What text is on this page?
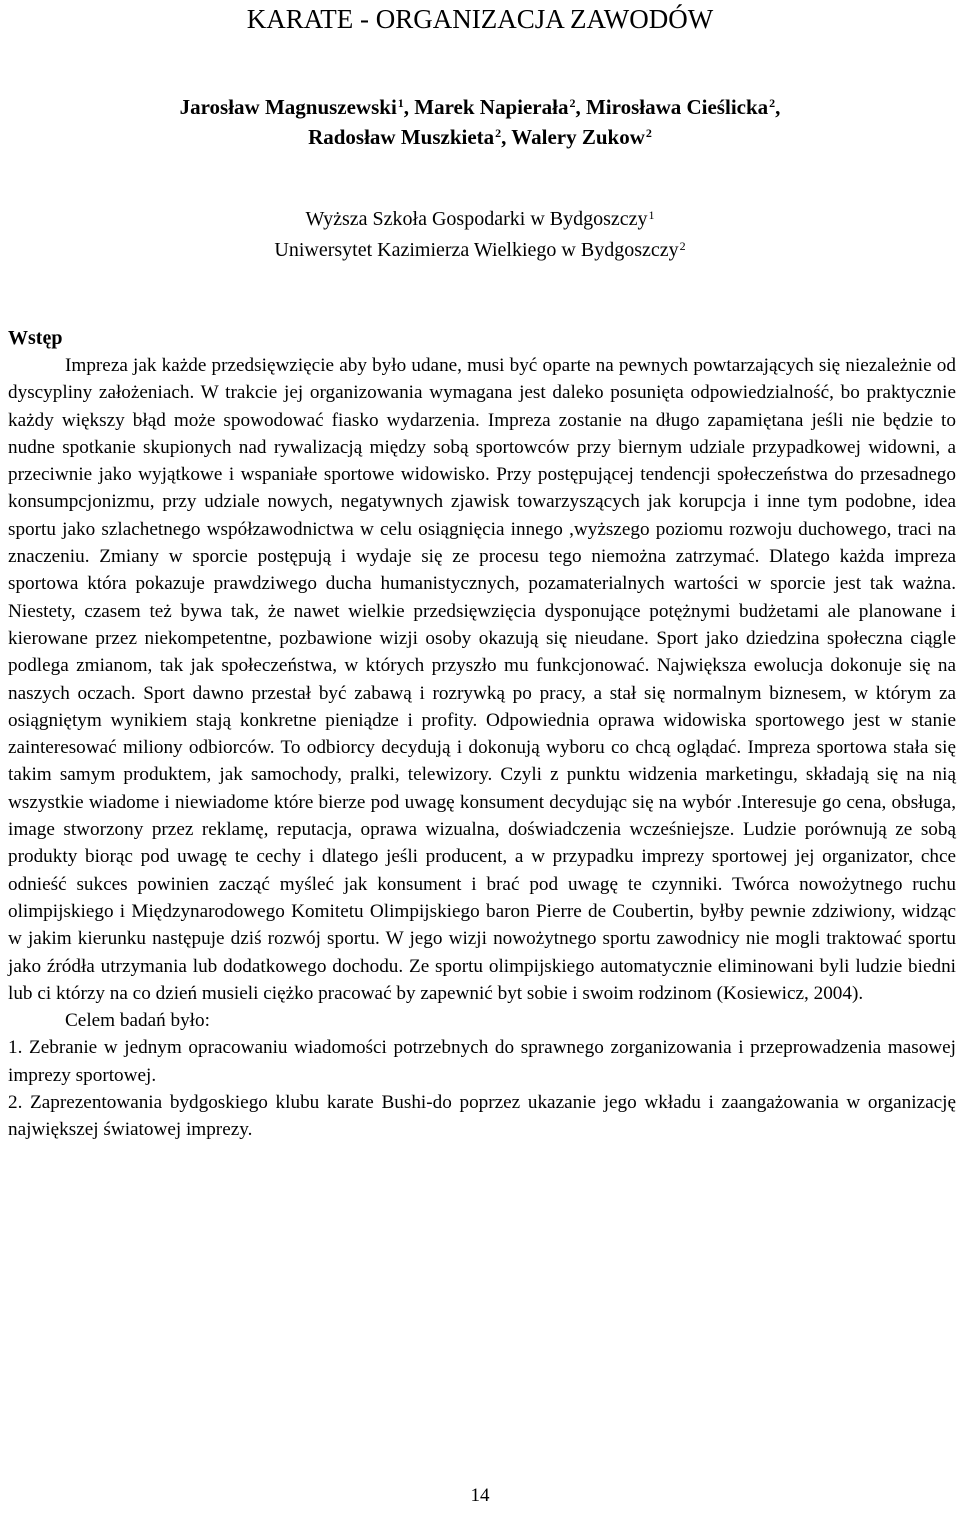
KARATE - ORGANIZACJA ZAWODÓW
Jarosław Magnuszewski$^1$, Marek Napierała$^2$, Mirosława Cieślicka$^2$,
Radosław Muszkieta$^2$, Walery Zukow$^2$
Wyższa Szkoła Gospodarki w Bydgoszczy$^1$
Uniwersytet Kazimierza Wielkiego w Bydgoszczy$^2$
Wstęp

Impreza jak każde przedsięwzięcie aby było udane, musi być oparte na pewnych powtarzających się niezależnie od dyscypliny założeniach. W trakcie jej organizowania wymagana jest daleko posunięta odpowiedzialność, bo praktycznie każdy większy błąd może spowodować fiasko wydarzenia. Impreza zostanie na długo zapamiętana jeśli nie będzie to nudne spotkanie skupionych nad rywalizacją między sobą sportowców przy biernym udziale przypadkowej widowni, a przeciwnie jako wyjątkowe i wspaniałe sportowe widowisko. Przy postępującej tendencji społeczeństwa do przesadnego konsumpcjonizmu, przy udziale nowych, negatywnych zjawisk towarzyszących jak korupcja i inne tym podobne, idea sportu jako szlachetnego współzawodnictwa w celu osiągnięcia innego ,wyższego poziomu rozwoju duchowego, traci na znaczeniu. Zmiany w sporcie postępują i wydaje się ze procesu tego niemożna zatrzymać. Dlatego każda impreza sportowa która pokazuje prawdziwego ducha humanistycznych, pozamaterialnych wartości w sporcie jest tak ważna. Niestety, czasem też bywa tak, że nawet wielkie przedsięwzięcia dysponujące potężnymi budżetami ale planowane i kierowane przez niekompetentne, pozbawione wizji osoby okazują się nieudane. Sport jako dziedzina społeczna ciągle podlega zmianom, tak jak społeczeństwa, w których przyszło mu funkcjonować. Największa ewolucja dokonuje się na naszych oczach. Sport dawno przestał być zabawą i rozrywką po pracy, a stał się normalnym biznesem, w którym za osiągniętym wynikiem stają konkretne pieniądze i profity. Odpowiednia oprawa widowiska sportowego jest w stanie zainteresować miliony odbiorców. To odbiorcy decydują i dokonują wyboru co chcą oglądać. Impreza sportowa stała się takim samym produktem, jak samochody, pralki, telewizory. Czyli z punktu widzenia marketingu, składają się na nią wszystkie wiadome i niewiadome które bierze pod uwagę konsument decydując się na wybór .Interesuje go cena, obsługa, image stworzony przez reklamę, reputacja, oprawa wizualna, doświadczenia wcześniejsze. Ludzie porównują ze sobą produkty biorąc pod uwagę te cechy i dlatego jeśli producent, a w przypadku imprezy sportowej jej organizator, chce odnieść sukces powinien zacząć myśleć jak konsument i brać pod uwagę te czynniki. Twórca nowożytnego ruchu olimpijskiego i Międzynarodowego Komitetu Olimpijskiego baron Pierre de Coubertin, byłby pewnie zdziwiony, widząc w jakim kierunku następuje dziś rozwój sportu. W jego wizji nowożytnego sportu zawodnicy nie mogli traktować sportu jako źródła utrzymania lub dodatkowego dochodu. Ze sportu olimpijskiego automatycznie eliminowani byli ludzie biedni lub ci którzy na co dzień musieli ciężko pracować by zapewnić byt sobie i swoim rodzinom (Kosiewicz, 2004).

Celem badań było:

1. Zebranie w jednym opracowaniu wiadomości potrzebnych do sprawnego zorganizowania i przeprowadzenia masowej imprezy sportowej.

2. Zaprezentowania bydgoskiego klubu karate Bushi-do poprzez ukazanie jego wkładu i zaangażowania w organizację największej światowej imprezy.

14
